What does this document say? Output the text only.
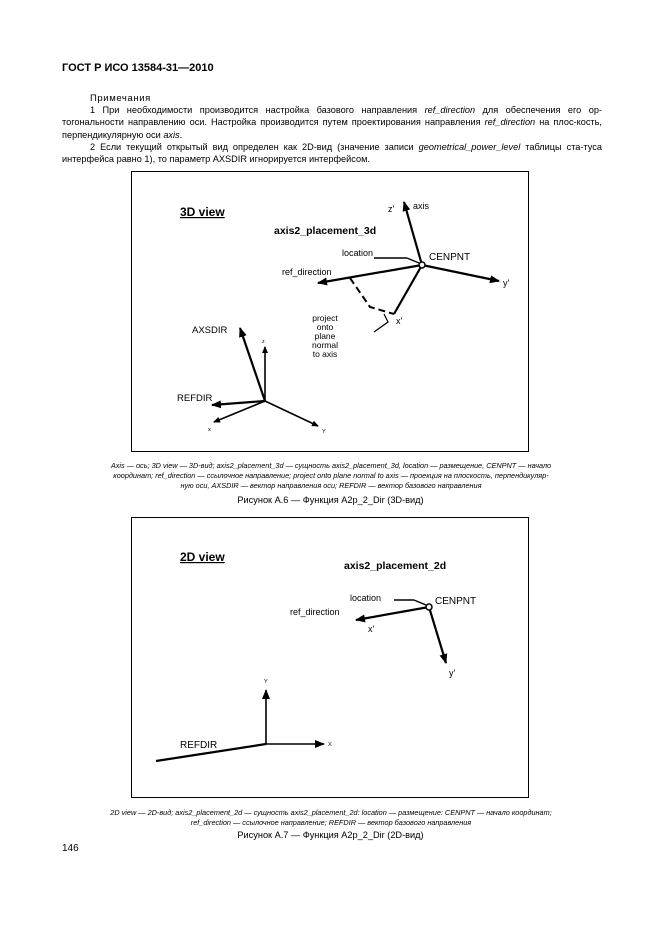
ГОСТ Р ИСО 13584-31—2010
Примечания
1 При необходимости производится настройка базового направления ref_direction для обеспечения его ор-тогональности направлению оси. Настройка производится путем проектирования направления ref_direction на плос-кость, перпендикулярную оси axis.
2 Если текущий открытый вид определен как 2D-вид (значение записи geometrical_power_level таблицы ста-туса интерфейса равно 1), то параметр AXSDIR игнорируется интерфейсом.
3D view
axis2_placement_3d
z' axis
location	CENPNT
ref_direction
y'
x'
project
onto
plane
normal
to axis
AXSDIR
REFDIR
z
x	Y
Axis — ось; 3D view — 3D-вид; axis2_placement_3d — сущность axis2_placement_3d, location — размещение, CENPNT — начало
координат; ref_direction — ссылочное направление; project onto plane normal to axis — проекция на плоскость, перпендикуляр-
ную оси, AXSDIR — вектор направления оси; REFDIR — вектор базового направления
Рисунок А.6 — Функция A2p_2_Dir (3D-вид)
2D view
axis2_placement_2d
location	CENPNT
ref_direction
x'
y'
Y
X
REFDIR
2D view — 2D-вид; axis2_placement_2d — сущность axis2_placement_2d: location — размещение: CENPNT — начало координат;
ref_direction — ссылочное направление; REFDIR — вектор базового направления
Рисунок А.7 — Функция A2p_2_Dir (2D-вид)
146
